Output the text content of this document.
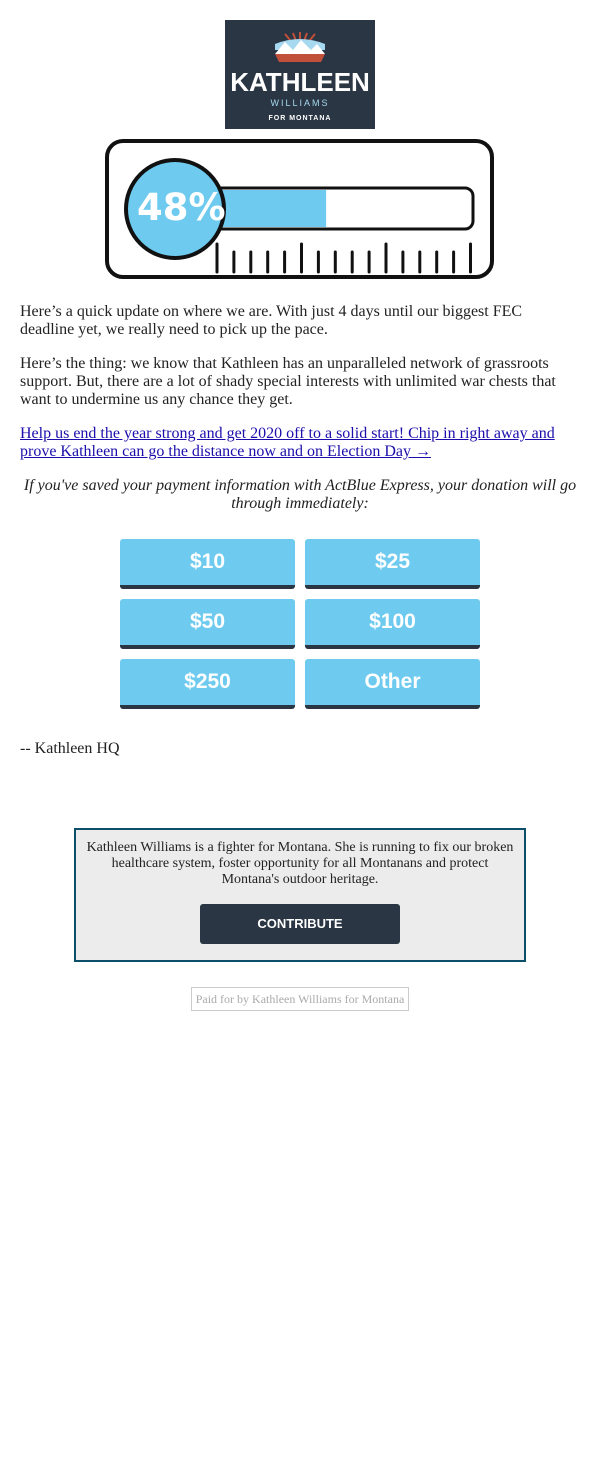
KATHLEEN
WILLIAMS
FOR MONTANA
48%

Here’s a quick update on where we are. With just 4 days until our biggest FEC deadline yet, we really need to pick up the pace.

Here’s the thing: we know that Kathleen has an unparalleled network of grassroots support. But, there are a lot of shady special interests with unlimited war chests that want to undermine us any chance they get.

Help us end the year strong and get 2020 off to a solid start! Chip in right away and prove Kathleen can go the distance now and on Election Day →

If you've saved your payment information with ActBlue Express, your donation will go through immediately:

$10	$25
$50	$100
$250	Other

-- Kathleen HQ

Kathleen Williams is a fighter for Montana. She is running to fix our broken healthcare system, foster opportunity for all Montanans and protect Montana's outdoor heritage.

CONTRIBUTE
Paid for by Kathleen Williams for Montana
